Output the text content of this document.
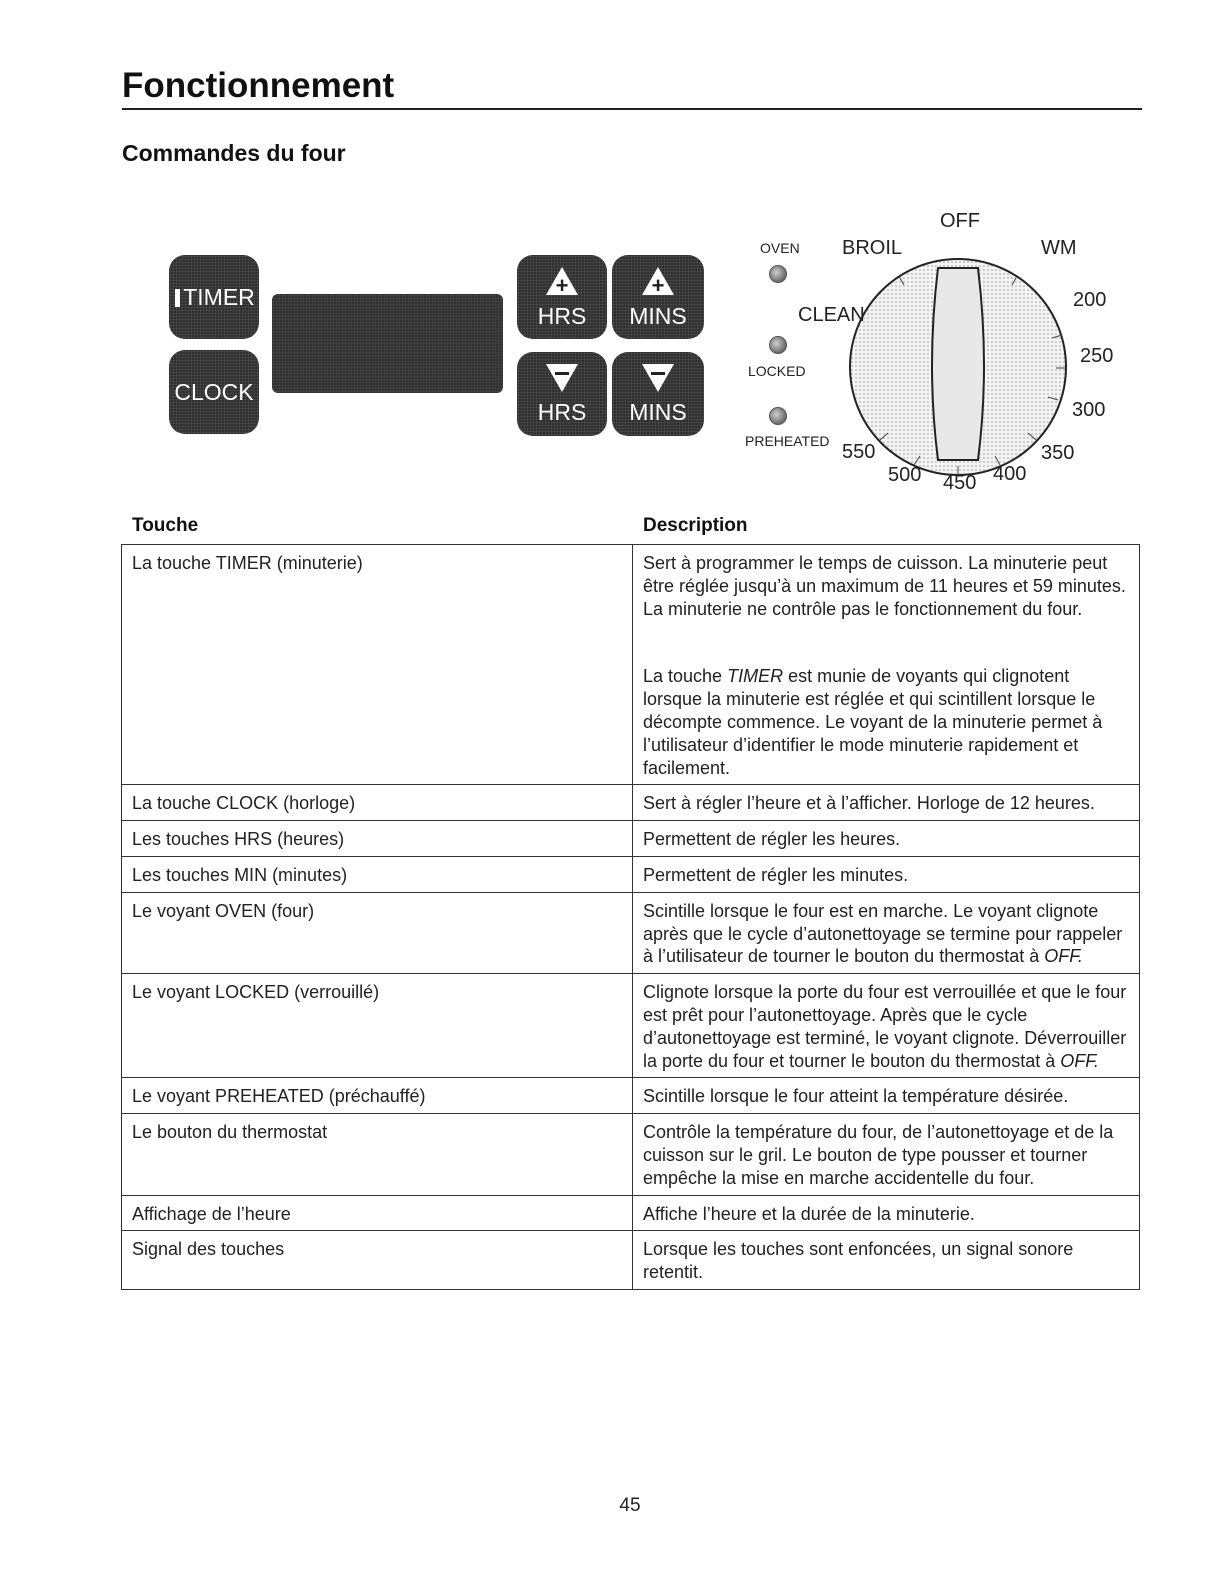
Fonctionnement
Commandes du four
TIMER
CLOCK
+
HRS
+
MINS
HRS	MINS
OFF
OVEN BROIL	WM
CLEAN
LOCKED
PREHEATED
200
250
300
350
400
450
500
550
Touche	Description
La touche TIMER (minuterie)	Sert à programmer le temps de cuisson. La minuterie peut être réglée jusqu’à un maximum de 11 heures et 59 minutes. La minuterie ne contrôle pas le fonctionnement du four.
La touche TIMER est munie de voyants qui clignotent lorsque la minuterie est réglée et qui scintillent lorsque le décompte commence. Le voyant de la minuterie permet à l’utilisateur d’identifier le mode minuterie rapidement et facilement.

La touche CLOCK (horloge)	Sert à régler l’heure et à l’afficher. Horloge de 12 heures.
Les touches HRS (heures)	Permettent de régler les heures.
Les touches MIN (minutes)	Permettent de régler les minutes.
Le voyant OVEN (four)	Scintille lorsque le four est en marche. Le voyant clignote après que le cycle d’autonettoyage se termine pour rappeler à l’utilisateur de tourner le bouton du thermostat à OFF.
Le voyant LOCKED (verrouillé)	Clignote lorsque la porte du four est verrouillée et que le four est prêt pour l’autonettoyage. Après que le cycle d’autonettoyage est terminé, le voyant clignote. Déverrouiller la porte du four et tourner le bouton du thermostat à OFF.
Le voyant PREHEATED (préchauffé)	Scintille lorsque le four atteint la température désirée.
Le bouton du thermostat	Contrôle la température du four, de l’autonettoyage et de la cuisson sur le gril. Le bouton de type pousser et tourner empêche la mise en marche accidentelle du four.
Affichage de l’heure	Affiche l’heure et la durée de la minuterie.
Signal des touches	Lorsque les touches sont enfoncées, un signal sonore retentit.
45
